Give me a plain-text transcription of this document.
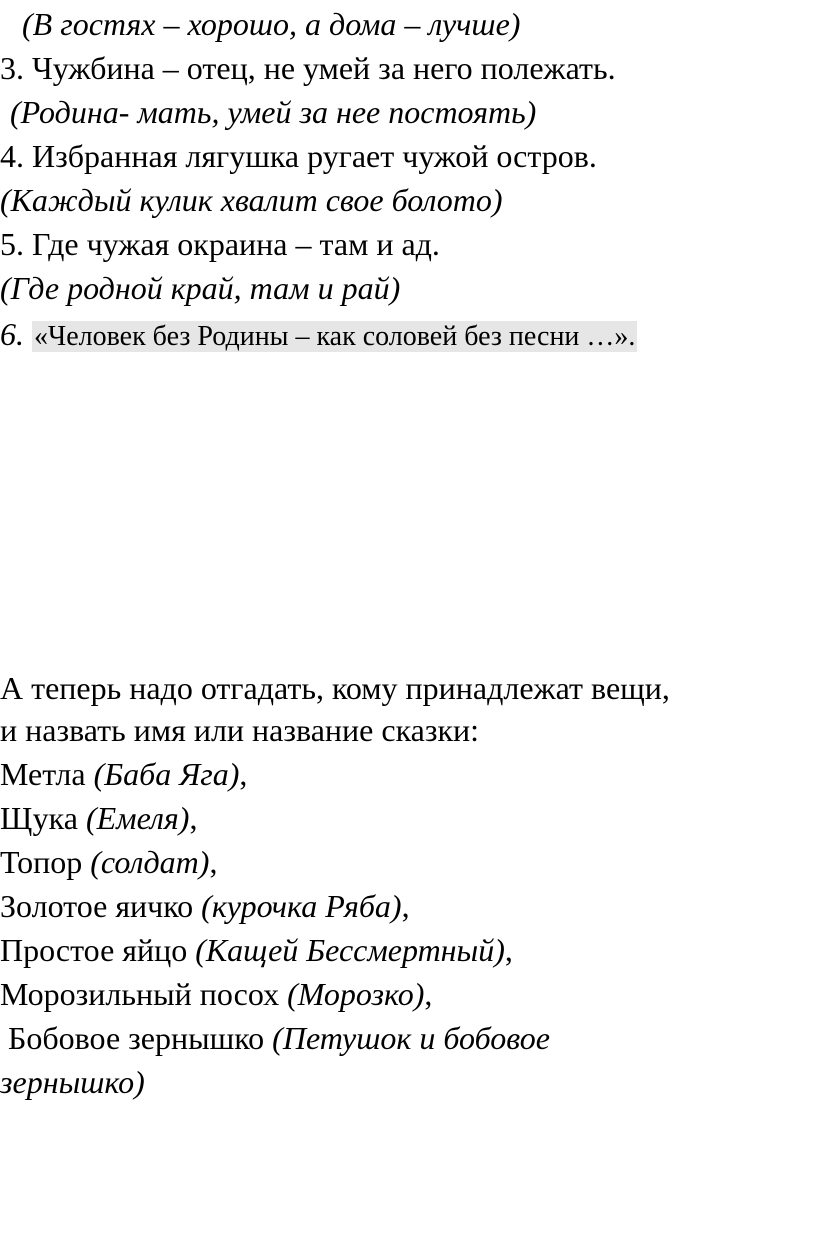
(В гостях – хорошо, а дома – лучше)
3. Чужбина – отец, не умей за него полежать.
(Родина- мать, умей за нее постоять)
4. Избранная лягушка ругает чужой остров.
(Каждый кулик хвалит свое болото)
5. Где чужая окраина – там и ад.
(Где родной край, там и рай)
6. «Человек без Родины – как соловей без песни …».
А теперь надо отгадать, кому принадлежат вещи,
и назвать имя или название сказки:
Метла (Баба Яга),
Щука (Емеля),
Топор (солдат),
Золотое яичко (курочка Ряба),
Простое яйцо (Кащей Бессмертный),
Морозильный посох (Морозко),
Бобовое зернышко (Петушок и бобовое
зернышко)
